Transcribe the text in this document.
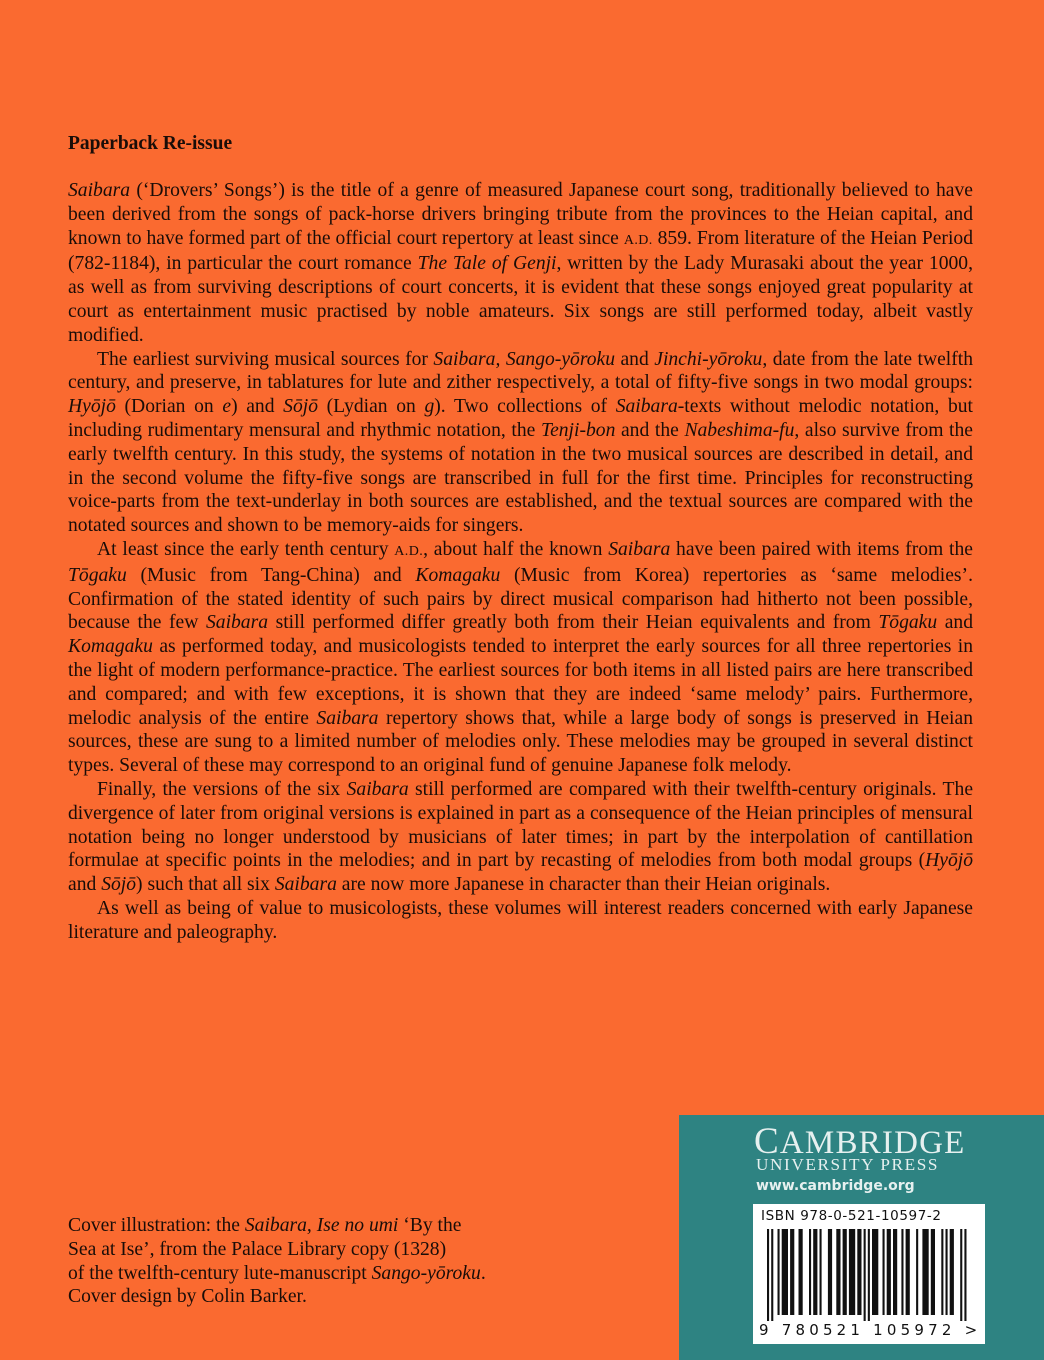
Paperback Re-issue

Saibara (‘Drovers’ Songs’) is the title of a genre of measured Japanese court song, traditionally believed to have been derived from the songs of pack-horse drivers bringing tribute from the provinces to the Heian capital, and known to have formed part of the official court repertory at least since A.D. 859. From literature of the Heian Period (782-1184), in particular the court romance The Tale of Genji, written by the Lady Murasaki about the year 1000, as well as from surviving descriptions of court concerts, it is evident that these songs enjoyed great popularity at court as entertainment music practised by noble amateurs. Six songs are still performed today, albeit vastly modified.

The earliest surviving musical sources for Saibara, Sango-yōroku and Jinchi-yōroku, date from the late twelfth century, and preserve, in tablatures for lute and zither respectively, a total of fifty-five songs in two modal groups: Hyōjō (Dorian on e) and Sōjō (Lydian on g). Two collections of Saibara-texts without melodic notation, but including rudimentary mensural and rhythmic notation, the Tenji-bon and the Nabeshima-fu, also survive from the early twelfth century. In this study, the systems of notation in the two musical sources are described in detail, and in the second volume the fifty-five songs are transcribed in full for the first time. Principles for reconstructing voice-parts from the text-underlay in both sources are established, and the textual sources are compared with the notated sources and shown to be memory-aids for singers.

At least since the early tenth century A.D., about half the known Saibara have been paired with items from the Tōgaku (Music from Tang-China) and Komagaku (Music from Korea) repertories as ‘same melodies’. Confirmation of the stated identity of such pairs by direct musical comparison had hitherto not been possible, because the few Saibara still performed differ greatly both from their Heian equivalents and from Tōgaku and Komagaku as performed today, and musicologists tended to interpret the early sources for all three repertories in the light of modern performance-practice. The earliest sources for both items in all listed pairs are here transcribed and compared; and with few exceptions, it is shown that they are indeed ‘same melody’ pairs. Furthermore, melodic analysis of the entire Saibara repertory shows that, while a large body of songs is preserved in Heian sources, these are sung to a limited number of melodies only. These melodies may be grouped in several distinct types. Several of these may correspond to an original fund of genuine Japanese folk melody.

Finally, the versions of the six Saibara still performed are compared with their twelfth-century originals. The divergence of later from original versions is explained in part as a consequence of the Heian principles of mensural notation being no longer understood by musicians of later times; in part by the interpolation of cantillation formulae at specific points in the melodies; and in part by recasting of melodies from both modal groups (Hyōjō and Sōjō) such that all six Saibara are now more Japanese in character than their Heian originals.

As well as being of value to musicologists, these volumes will interest readers concerned with early Japanese literature and paleography.

Cover illustration: the Saibara, Ise no umi ‘By the

Sea at Ise’, from the Palace Library copy (1328)

of the twelfth-century lute-manuscript Sango-yōroku.

Cover design by Colin Barker.

CAMBRIDGE
UNIVERSITY PRESS
www.cambridge.org
ISBN 978-0-521-10597-2
9 780521 105972 >
